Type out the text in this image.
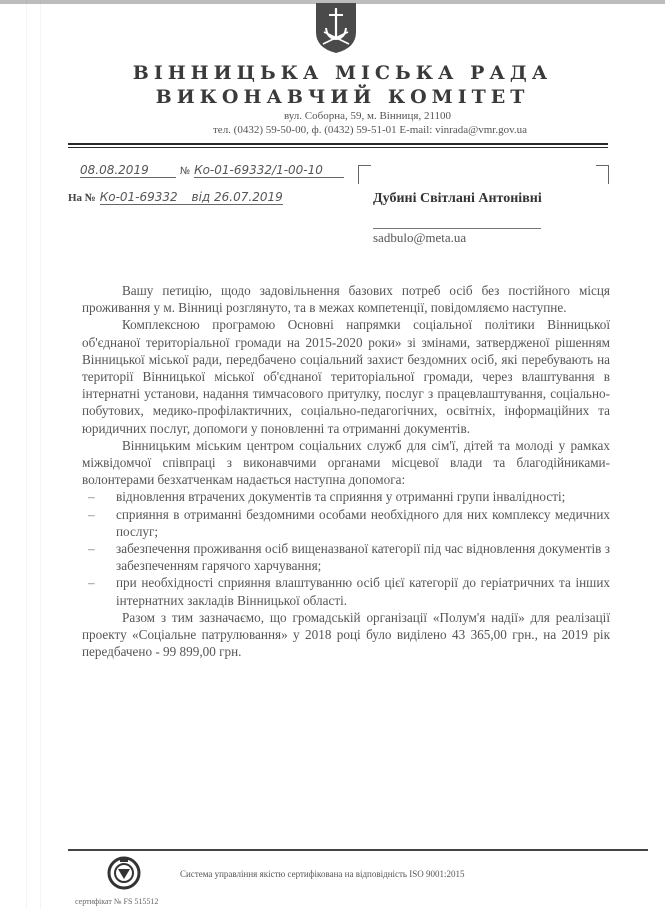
ВІННИЦЬКА МІСЬКА РАДА
ВИКОНАВЧИЙ КОМІТЕТ
вул. Соборна, 59, м. Вінниця, 21100
тел. (0432) 59-50-00, ф. (0432) 59-51-01 E-mail: vinrada@vmr.gov.ua
08.08.2019	№ Ко-01-69332/1-00-10
На № Ко-01-69332 від 26.07.2019	Дубині Світлані Антонівні
sadbulo@meta.ua

Вашу петицію, щодо задовільнення базових потреб осіб без постійного місця проживання у м. Вінниці розглянуто, та в межах компетенції, повідомляємо наступне.

Комплексною програмою Основні напрямки соціальної політики Вінницької об'єднаної територіальної громади на 2015-2020 роки» зі змінами, затвердженої рішенням Вінницької міської ради, передбачено соціальний захист бездомних осіб, які перебувають на території Вінницької міської об'єднаної територіальної громади, через влаштування в інтернатні установи, надання тимчасового притулку, послуг з працевлаштування, соціально-побутових, медико-профілактичних, соціально-педагогічних, освітніх, інформаційних та юридичних послуг, допомоги у поновленні та отриманні документів.

Вінницьким міським центром соціальних служб для сім'ї, дітей та молоді у рамках міжвідомчої співпраці з виконавчими органами місцевої влади та благодійниками-волонтерами безхатченкам надається наступна допомога:

– відновлення втрачених документів та сприяння у отриманні групи інвалідності;
– сприяння в отриманні бездомними особами необхідного для них комплексу медичних послуг;
– забезпечення проживання осіб вищеназваної категорії під час відновлення документів з забезпеченням гарячого харчування;
– при необхідності сприяння влаштуванню осіб цієї категорії до геріатричних та інших інтернатних закладів Вінницької області.

Разом з тим зазначаємо, що громадській організації «Полум'я надії» для реалізації проекту «Соціальне патрулювання» у 2018 році було виділено 43 365,00 грн., на 2019 рік передбачено - 99 899,00 грн.

сертифікат № FS 515512
Система управління якістю сертифікована на відповідність ISO 9001:2015
